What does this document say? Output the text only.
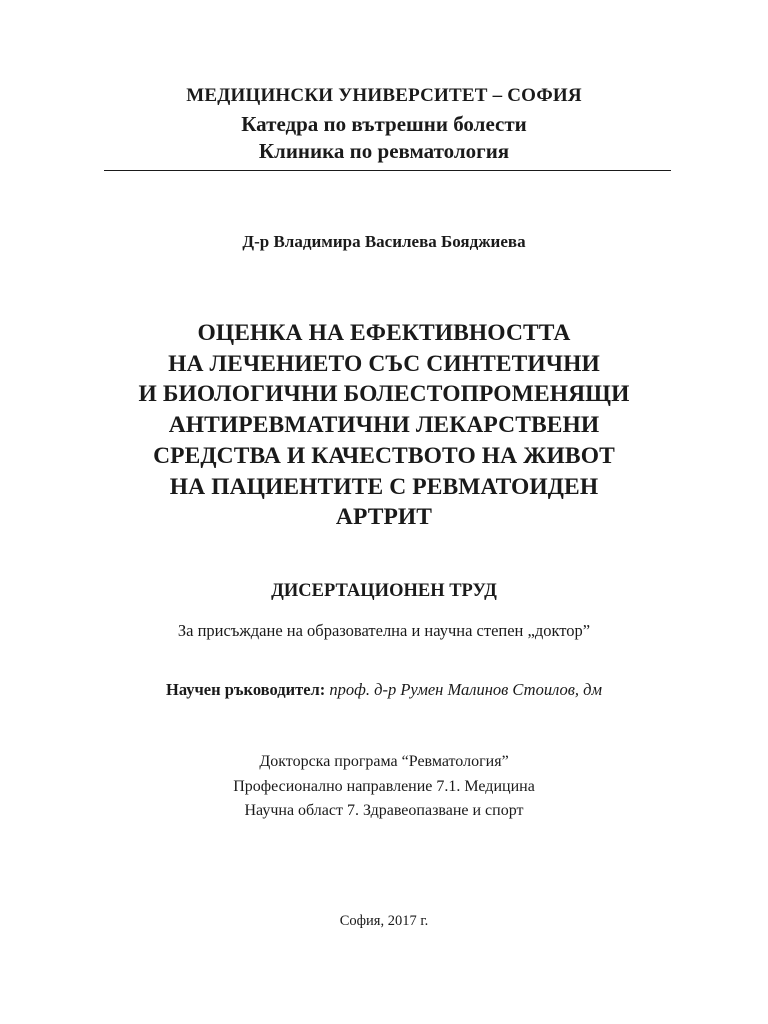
МЕДИЦИНСКИ УНИВЕРСИТЕТ – СОФИЯ
Катедра по вътрешни болести
Клиника по ревматология
Д-р Владимира Василева Бояджиева
ОЦЕНКА НА ЕФЕКТИВНОСТТА
НА ЛЕЧЕНИЕТО СЪС СИНТЕТИЧНИ
И БИОЛОГИЧНИ БОЛЕСТОПРОМЕНЯЩИ
АНТИРЕВМАТИЧНИ ЛЕКАРСТВЕНИ
СРЕДСТВА И КАЧЕСТВОТО НА ЖИВОТ
НА ПАЦИЕНТИТЕ С РЕВМАТОИДЕН
АРТРИТ
ДИСЕРТАЦИОНЕН ТРУД
За присъждане на образователна и научна степен „доктор”
Научен ръководител: проф. д-р Румен Малинов Стоилов, дм
Докторска програма “Ревматология”
Професионално направление 7.1. Медицина
Научна област 7. Здравеопазване и спорт
София, 2017 г.
